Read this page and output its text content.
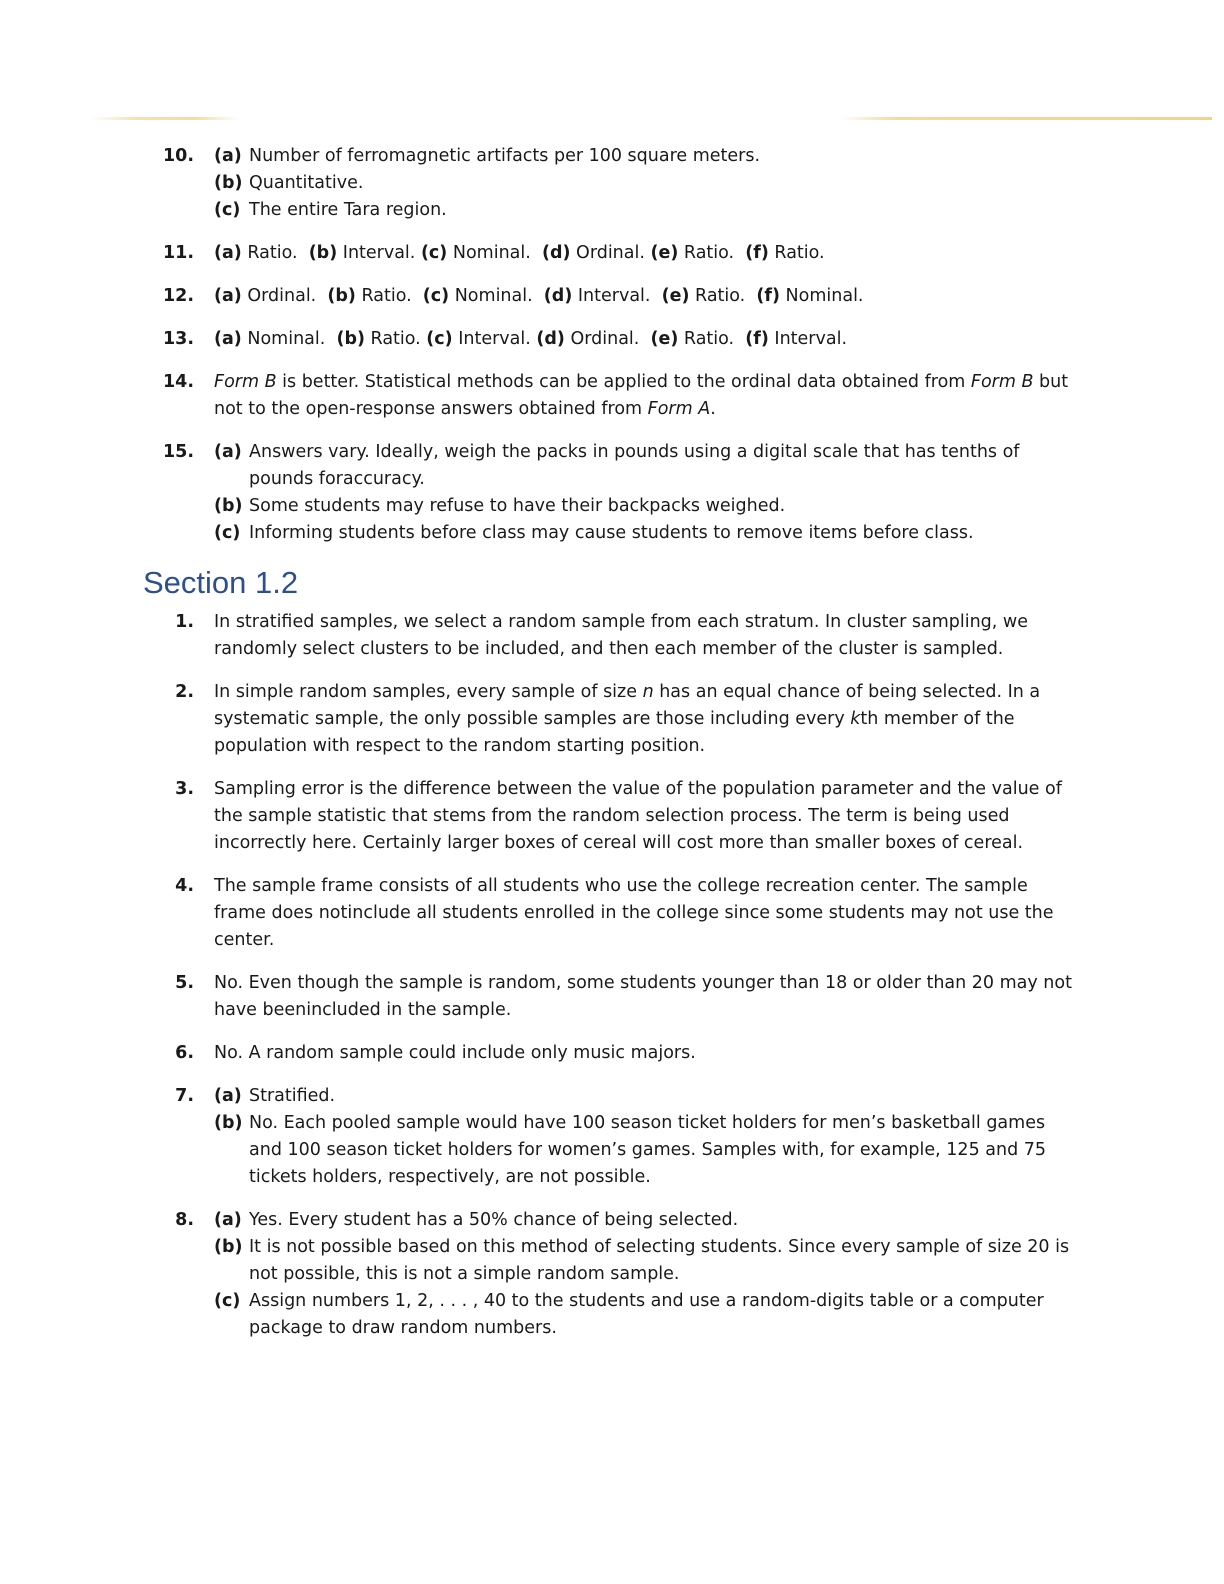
10. (a) Number of ferromagnetic artifacts per 100 square meters.
(b) Quantitative.
(c) The entire Tara region.
11. (a) Ratio.  (b) Interval. (c) Nominal.  (d) Ordinal. (e) Ratio.  (f) Ratio.
12. (a) Ordinal.  (b) Ratio.  (c) Nominal.  (d) Interval.  (e) Ratio.  (f) Nominal.
13. (a) Nominal.  (b) Ratio. (c) Interval. (d) Ordinal.  (e) Ratio.  (f) Interval.
14. Form B is better. Statistical methods can be applied to the ordinal data obtained from Form B but not to the open-response answers obtained from Form A.
15. (a) Answers vary. Ideally, weigh the packs in pounds using a digital scale that has tenths of pounds foraccuracy.
(b) Some students may refuse to have their backpacks weighed.
(c) Informing students before class may cause students to remove items before class.
Section 1.2
1. In stratified samples, we select a random sample from each stratum. In cluster sampling, we randomly select clusters to be included, and then each member of the cluster is sampled.
2. In simple random samples, every sample of size n has an equal chance of being selected. In a systematic sample, the only possible samples are those including every kth member of the population with respect to the random starting position.
3. Sampling error is the difference between the value of the population parameter and the value of the sample statistic that stems from the random selection process. The term is being used incorrectly here. Certainly larger boxes of cereal will cost more than smaller boxes of cereal.
4. The sample frame consists of all students who use the college recreation center. The sample frame does notinclude all students enrolled in the college since some students may not use the center.
5. No. Even though the sample is random, some students younger than 18 or older than 20 may not have beenincluded in the sample.
6. No. A random sample could include only music majors.
7. (a) Stratified.
(b) No. Each pooled sample would have 100 season ticket holders for men’s basketball games and 100 season ticket holders for women’s games. Samples with, for example, 125 and 75 tickets holders, respectively, are not possible.
8. (a) Yes. Every student has a 50% chance of being selected.
(b) It is not possible based on this method of selecting students. Since every sample of size 20 is not possible, this is not a simple random sample.
(c) Assign numbers 1, 2, . . . , 40 to the students and use a random-digits table or a computer package to draw random numbers.
